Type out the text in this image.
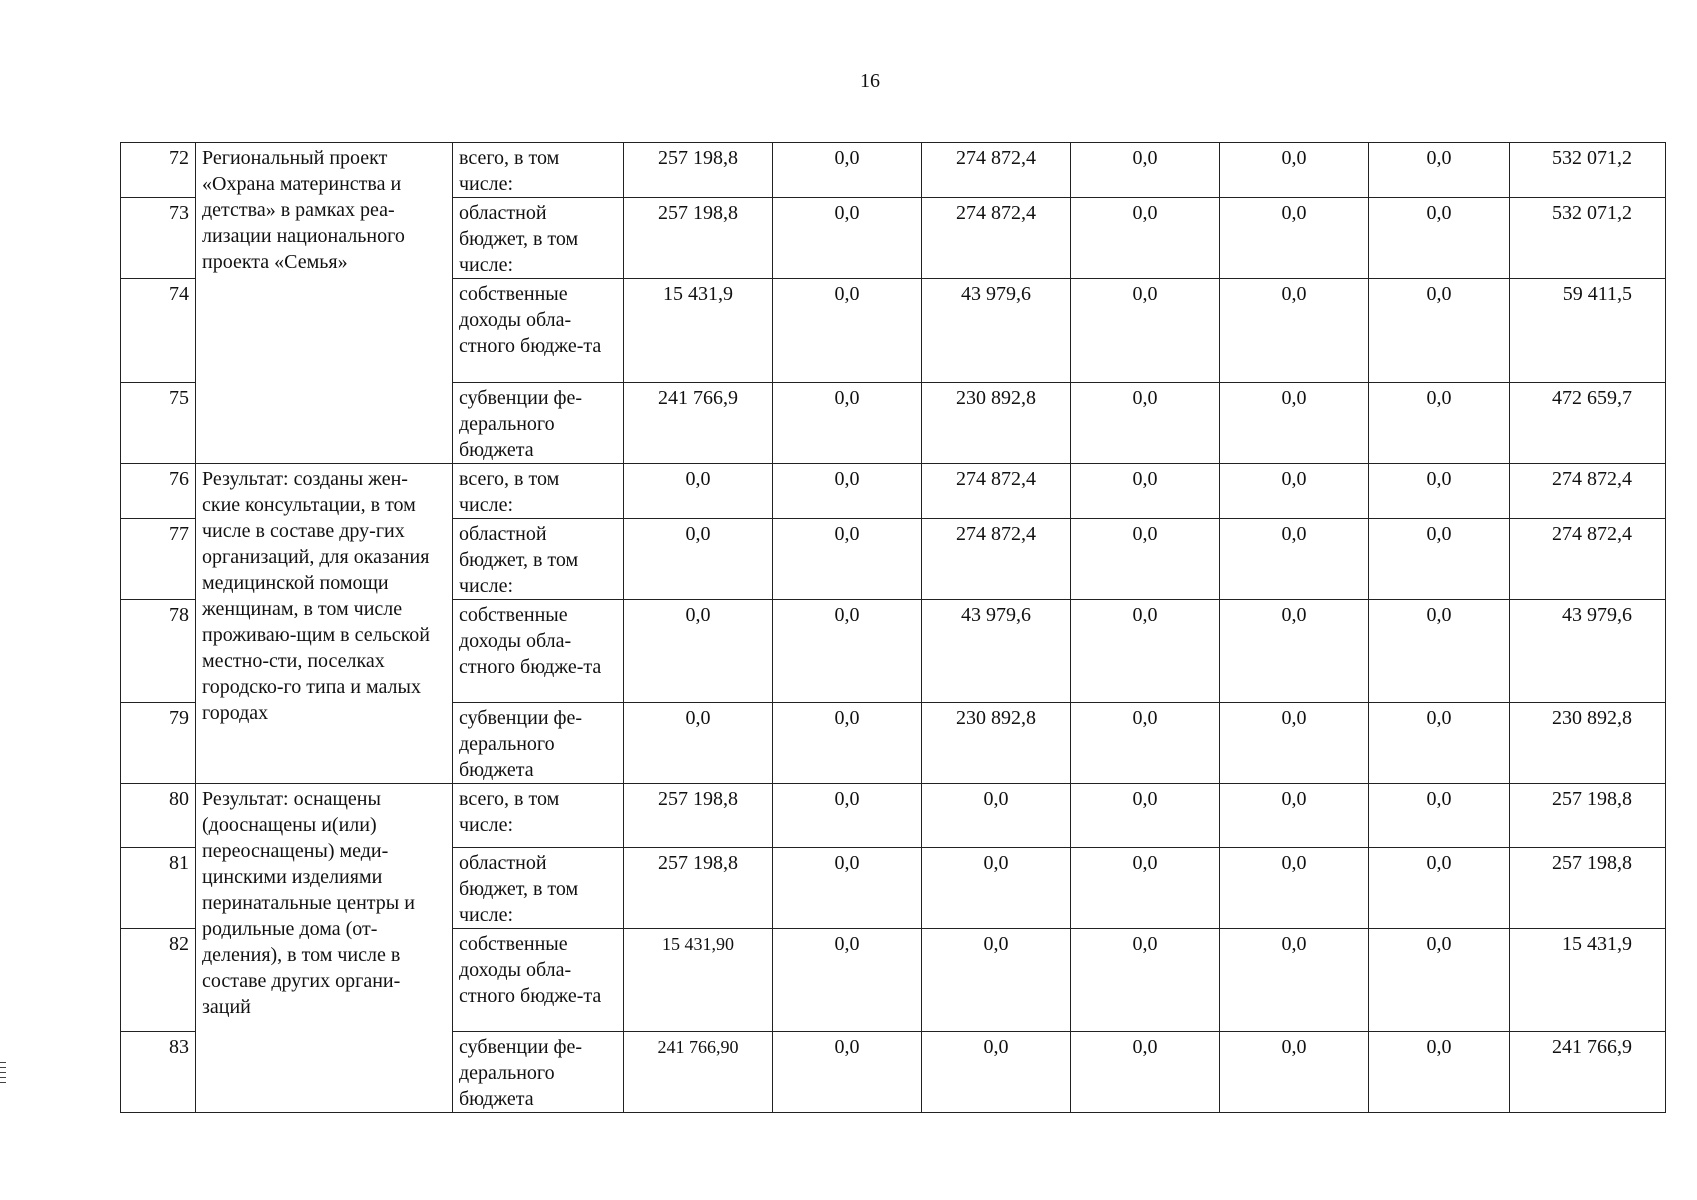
16
72	Региональный проект «Охрана материнства и детства» в рамках реа-лизации национального проекта «Семья»	всего, в том числе:	257 198,8	0,0	274 872,4	0,0	0,0	0,0	532 071,2
73		областной бюджет, в том числе:	257 198,8	0,0	274 872,4	0,0	0,0	0,0	532 071,2
74		собственные доходы обла-стного бюдже-та	15 431,9	0,0	43 979,6	0,0	0,0	0,0	59 411,5
75		субвенции фе-дерального бюджета	241 766,9	0,0	230 892,8	0,0	0,0	0,0	472 659,7
76	Результат: созданы жен-ские консультации, в том числе в составе дру-гих организаций, для оказания медицинской помощи женщинам, в том числе проживаю-щим в сельской местно-сти, поселках городско-го типа и малых городах	всего, в том числе:	0,0	0,0	274 872,4	0,0	0,0	0,0	274 872,4
77		областной бюджет, в том числе:	0,0	0,0	274 872,4	0,0	0,0	0,0	274 872,4
78		собственные доходы обла-стного бюдже-та	0,0	0,0	43 979,6	0,0	0,0	0,0	43 979,6
79		субвенции фе-дерального бюджета	0,0	0,0	230 892,8	0,0	0,0	0,0	230 892,8
80	Результат: оснащены (дооснащены и(или) переоснащены) меди-цинскими изделиями перинатальные центры и родильные дома (от-деления), в том числе в составе других органи-заций	всего, в том числе:	257 198,8	0,0	0,0	0,0	0,0	0,0	257 198,8
81		областной бюджет, в том числе:	257 198,8	0,0	0,0	0,0	0,0	0,0	257 198,8
82		собственные доходы обла-стного бюдже-та	15 431,90	0,0	0,0	0,0	0,0	0,0	15 431,9
83		субвенции фе-дерального бюджета	241 766,90	0,0	0,0	0,0	0,0	0,0	241 766,9
